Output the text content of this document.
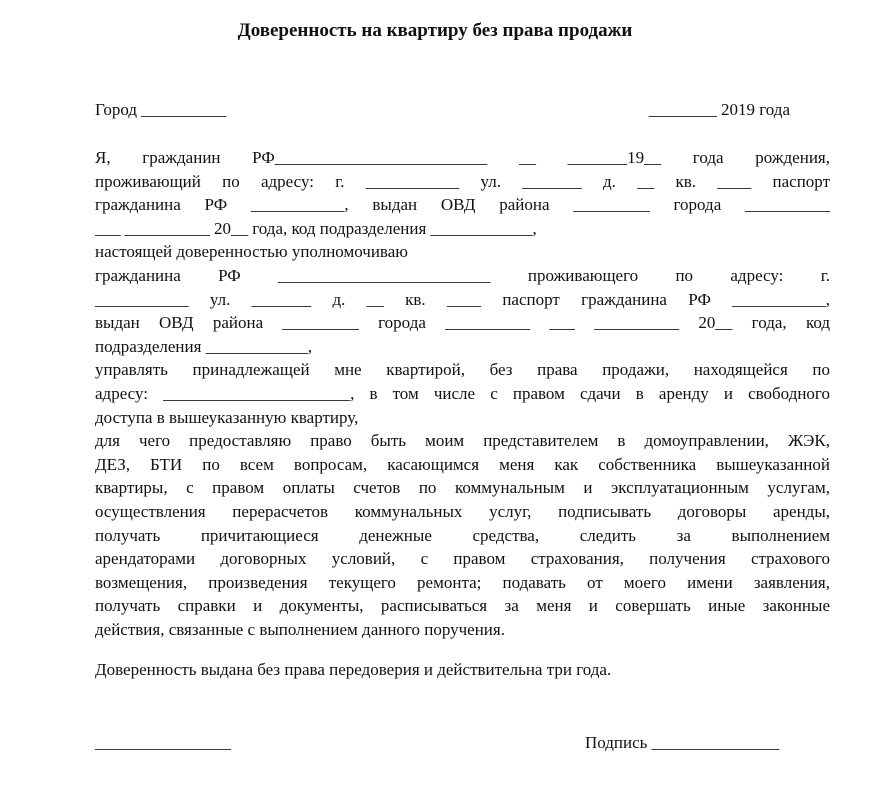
Доверенность на квартиру без права продажи
Город __________	________ 2019 года
Я, гражданин РФ_________________________ __ _______19__ года рождения,
проживающий по адресу: г. ___________ ул. _______ д. __ кв. ____ паспорт
гражданина РФ ___________, выдан ОВД района _________ города __________
___ __________ 20__ года, код подразделения ____________,
настоящей доверенностью уполномочиваю
гражданина РФ _________________________ проживающего по адресу: г.
___________ ул. _______ д. __ кв. ____ паспорт гражданина РФ ___________,
выдан ОВД района _________ города __________ ___ __________ 20__ года, код
подразделения ____________,
управлять принадлежащей мне квартирой, без права продажи, находящейся по
адресу: ______________________, в том числе с правом сдачи в аренду и свободного
доступа в вышеуказанную квартиру,
для чего предоставляю право быть моим представителем в домоуправлении, ЖЭК,
ДЕЗ, БТИ по всем вопросам, касающимся меня как собственника вышеуказанной
квартиры, с правом оплаты счетов по коммунальным и эксплуатационным услугам,
осуществления перерасчетов коммунальных услуг, подписывать договоры аренды,
получать причитающиеся денежные средства, следить за выполнением
арендаторами договорных условий, с правом страхования, получения страхового
возмещения, произведения текущего ремонта; подавать от моего имени заявления,
получать справки и документы, расписываться за меня и совершать иные законные
действия, связанные с выполнением данного поручения.
Доверенность выдана без права передоверия и действительна три года.
________________	Подпись _______________
